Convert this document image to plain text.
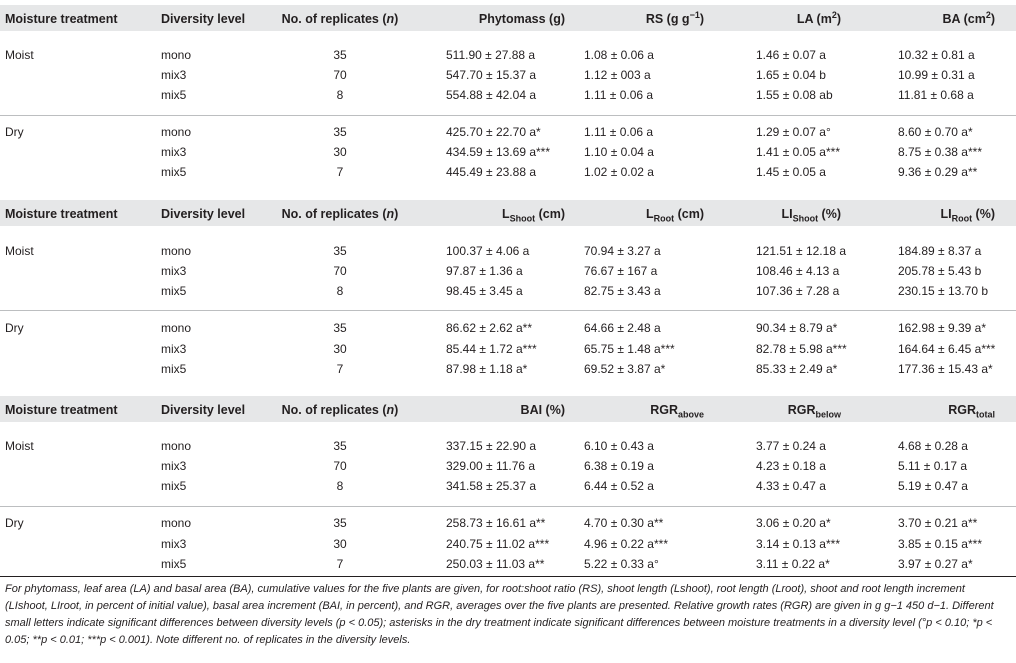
Moisture treatment	Diversity level	No. of replicates (n)	Phytomass (g)	RS (g $g^{-1}$)	LA $(m^2)$	BA $(cm^2)$
Moist	mono	35	511.90 ± 27.88 a	1.08 ± 0.06 a	1.46 ± 0.07 a	10.32 ± 0.81 a
mix3	70	547.70 ± 15.37 a	1.12 ± 003 a	1.65 ± 0.04 b	10.99 ± 0.31 a
mix5	8	554.88 ± 42.04 a	1.11 ± 0.06 a	1.55 ± 0.08 ab	11.81 ± 0.68 a
Dry	mono	35	425.70 ± 22.70 a*	1.11 ± 0.06 a	1.29 ± 0.07 a°	8.60 ± 0.70 a*
mix3	30	434.59 ± 13.69 a***	1.10 ± 0.04 a	1.41 ± 0.05 a***	8.75 ± 0.38 a***
mix5	7	445.49 ± 23.88 a	1.02 ± 0.02 a	1.45 ± 0.05 a	9.36 ± 0.29 a**
Moisture treatment	Diversity level	No. of replicates (n)	$L_{Shoot}$ (cm)	$L_{Root}$ (cm)	$LI_{Shoot}$ (%)	$LI_{Root}$ (%)
Moist	mono	35	100.37 ± 4.06 a	70.94 ± 3.27 a	121.51 ± 12.18 a	184.89 ± 8.37 a
mix3	70	97.87 ± 1.36 a	76.67 ± 167 a	108.46 ± 4.13 a	205.78 ± 5.43 b
mix5	8	98.45 ± 3.45 a	82.75 ± 3.43 a	107.36 ± 7.28 a	230.15 ± 13.70 b
Dry	mono	35	86.62 ± 2.62 a**	64.66 ± 2.48 a	90.34 ± 8.79 a*	162.98 ± 9.39 a*
mix3	30	85.44 ± 1.72 a***	65.75 ± 1.48 a***	82.78 ± 5.98 a***	164.64 ± 6.45 a***
mix5	7	87.98 ± 1.18 a*	69.52 ± 3.87 a*	85.33 ± 2.49 a*	177.36 ± 15.43 a*
Moisture treatment	Diversity level	No. of replicates (n)	BAI (%)	$RGR_{above}$	$RGR_{below}$	$RGR_{total}$
Moist	mono	35	337.15 ± 22.90 a	6.10 ± 0.43 a	3.77 ± 0.24 a	4.68 ± 0.28 a
mix3	70	329.00 ± 11.76 a	6.38 ± 0.19 a	4.23 ± 0.18 a	5.11 ± 0.17 a
mix5	8	341.58 ± 25.37 a	6.44 ± 0.52 a	4.33 ± 0.47 a	5.19 ± 0.47 a
Dry	mono	35	258.73 ± 16.61 a**	4.70 ± 0.30 a**	3.06 ± 0.20 a*	3.70 ± 0.21 a**
mix3	30	240.75 ± 11.02 a***	4.96 ± 0.22 a***	3.14 ± 0.13 a***	3.85 ± 0.15 a***
mix5	7	250.03 ± 11.03 a**	5.22 ± 0.33 a°	3.11 ± 0.22 a*	3.97 ± 0.27 a*
For phytomass, leaf area (LA) and basal area (BA), cumulative values for the five plants are given, for root:shoot ratio (RS), shoot length (Lshoot), root length (Lroot), shoot and root length increment (LIshoot, LIroot, in percent of initial value), basal area increment (BAI, in percent), and RGR, averages over the five plants are presented. Relative growth rates (RGR) are given in g g−1 450 d−1. Different small letters indicate significant differences between diversity levels (p < 0.05); asterisks in the dry treatment indicate significant differences between moisture treatments in a diversity level (°p < 0.10; *p < 0.05; **p < 0.01; ***p < 0.001). Note different no. of replicates in the diversity levels.
